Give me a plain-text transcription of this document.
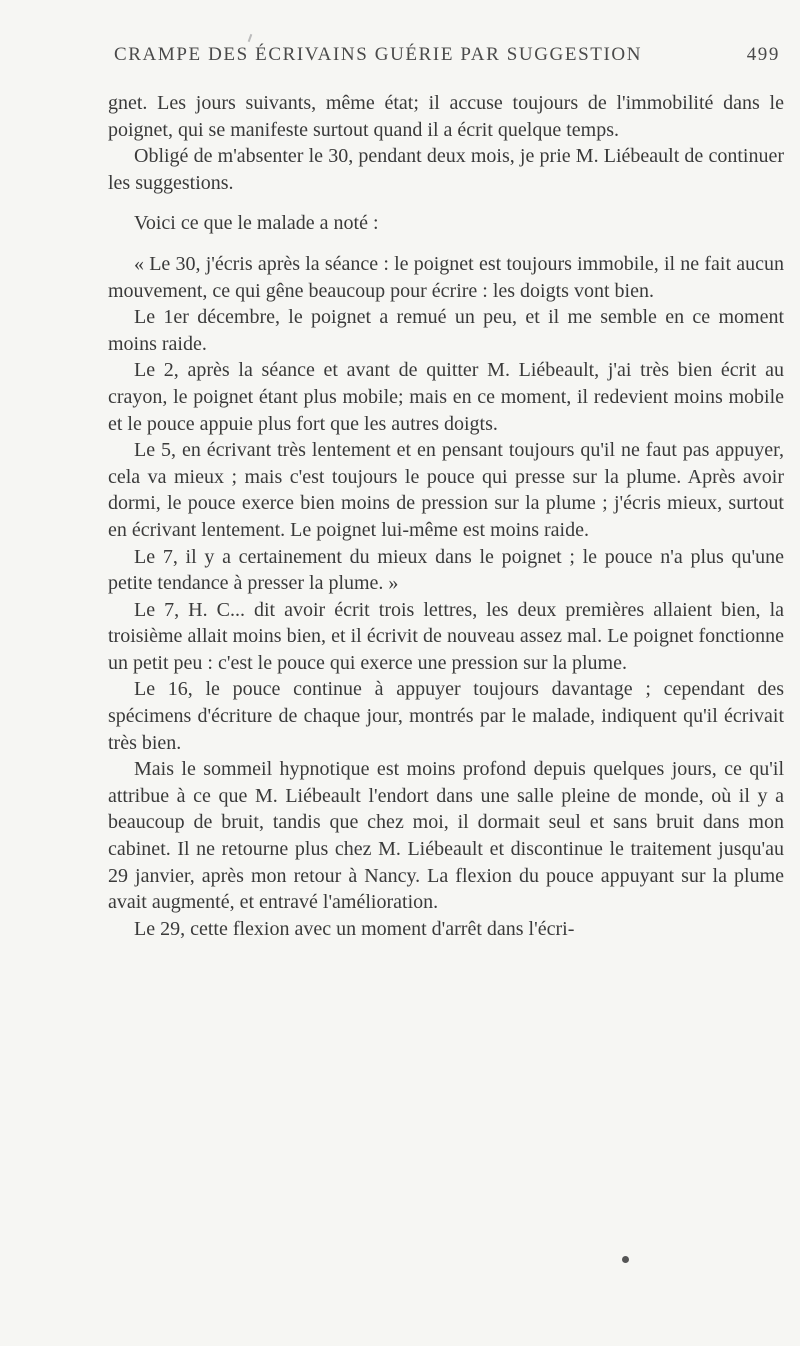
CRAMPE DES ÉCRIVAINS GUÉRIE PAR SUGGESTION	499

gnet. Les jours suivants, même état; il accuse toujours de l'immobilité dans le poignet, qui se manifeste surtout quand il a écrit quelque temps.

Obligé de m'absenter le 30, pendant deux mois, je prie M. Liébeault de continuer les suggestions.

Voici ce que le malade a noté :

« Le 30, j'écris après la séance : le poignet est toujours immobile, il ne fait aucun mouvement, ce qui gêne beaucoup pour écrire : les doigts vont bien.

Le 1er décembre, le poignet a remué un peu, et il me semble en ce moment moins raide.

Le 2, après la séance et avant de quitter M. Liébeault, j'ai très bien écrit au crayon, le poignet étant plus mobile; mais en ce moment, il redevient moins mobile et le pouce appuie plus fort que les autres doigts.

Le 5, en écrivant très lentement et en pensant toujours qu'il ne faut pas appuyer, cela va mieux ; mais c'est toujours le pouce qui presse sur la plume. Après avoir dormi, le pouce exerce bien moins de pression sur la plume ; j'écris mieux, surtout en écrivant lentement. Le poignet lui-même est moins raide.

Le 7, il y a certainement du mieux dans le poignet ; le pouce n'a plus qu'une petite tendance à presser la plume. »

Le 7, H. C... dit avoir écrit trois lettres, les deux premières allaient bien, la troisième allait moins bien, et il écrivit de nouveau assez mal. Le poignet fonctionne un petit peu : c'est le pouce qui exerce une pression sur la plume.

Le 16, le pouce continue à appuyer toujours davantage ; cependant des spécimens d'écriture de chaque jour, montrés par le malade, indiquent qu'il écrivait très bien.

Mais le sommeil hypnotique est moins profond depuis quelques jours, ce qu'il attribue à ce que M. Liébeault l'endort dans une salle pleine de monde, où il y a beaucoup de bruit, tandis que chez moi, il dormait seul et sans bruit dans mon cabinet. Il ne retourne plus chez M. Liébeault et discontinue le traitement jusqu'au 29 janvier, après mon retour à Nancy. La flexion du pouce appuyant sur la plume avait augmenté, et entravé l'amélioration.

Le 29, cette flexion avec un moment d'arrêt dans l'écri-
